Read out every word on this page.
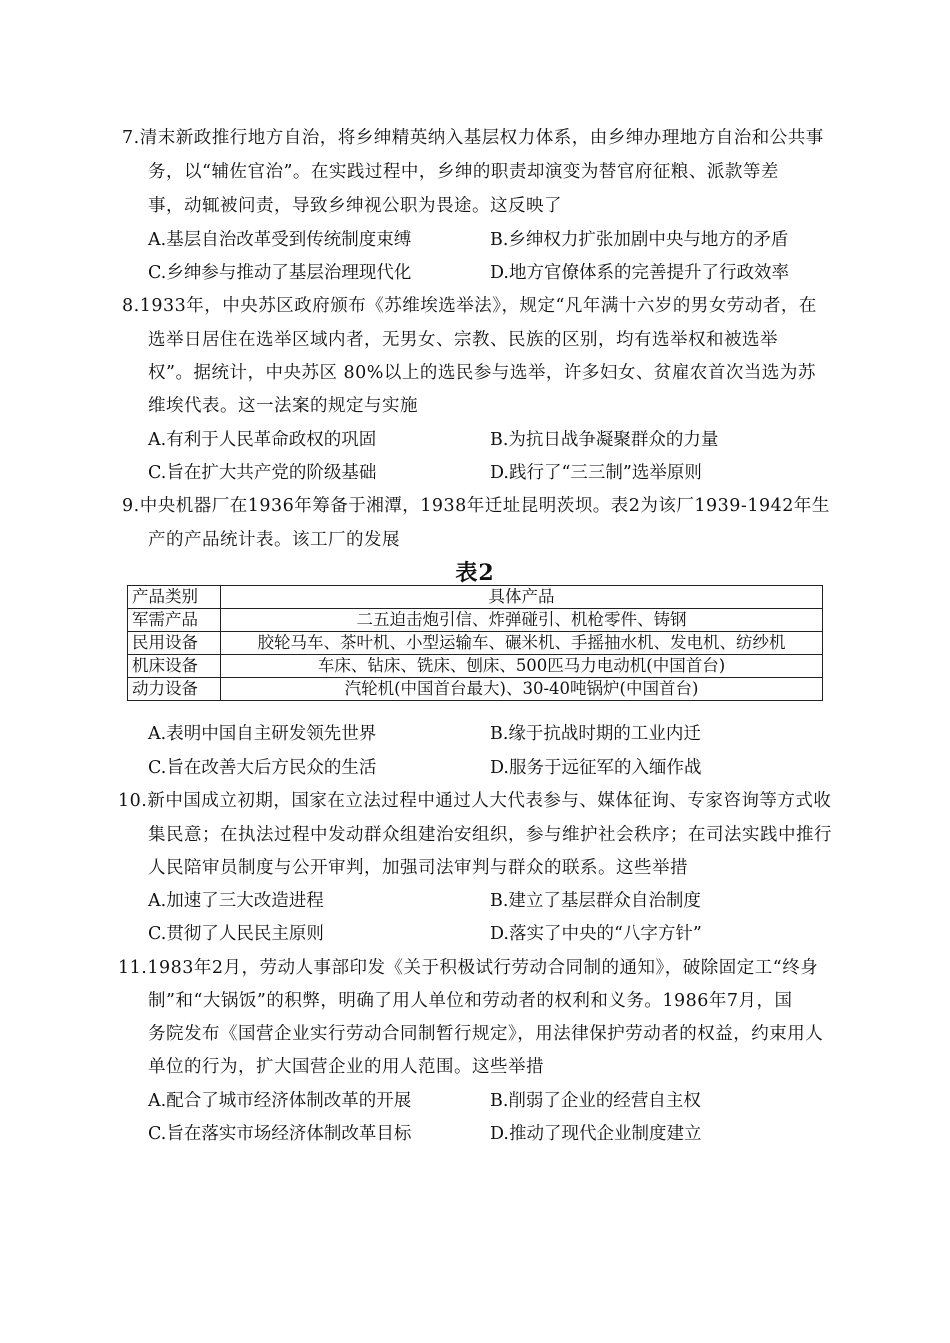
7.清末新政推行地方自治，将乡绅精英纳入基层权力体系，由乡绅办理地方自治和公共事
务，以“辅佐官治”。在实践过程中，乡绅的职责却演变为替官府征粮、派款等差
事，动辄被问责，导致乡绅视公职为畏途。这反映了
A.基层自治改革受到传统制度束缚	B.乡绅权力扩张加剧中央与地方的矛盾
C.乡绅参与推动了基层治理现代化	D.地方官僚体系的完善提升了行政效率
8.1933年，中央苏区政府颁布《苏维埃选举法》，规定“凡年满十六岁的男女劳动者，在
选举日居住在选举区域内者，无男女、宗教、民族的区别，均有选举权和被选举
权”。据统计，中央苏区 80%以上的选民参与选举，许多妇女、贫雇农首次当选为苏
维埃代表。这一法案的规定与实施
A.有利于人民革命政权的巩固	B.为抗日战争凝聚群众的力量
C.旨在扩大共产党的阶级基础	D.践行了“三三制”选举原则
9.中央机器厂在1936年筹备于湘潭，1938年迁址昆明茨坝。表2为该厂1939-1942年生
产的产品统计表。该工厂的发展
表2
产品类别	具体产品
军需产品	二五迫击炮引信、炸弹碰引、机枪零件、铸钢
民用设备	胶轮马车、茶叶机、小型运输车、碾米机、手摇抽水机、发电机、纺纱机
机床设备	车床、钻床、铣床、刨床、500匹马力电动机(中国首台)
动力设备	汽轮机(中国首台最大)、30-40吨锅炉(中国首台)
A.表明中国自主研发领先世界	B.缘于抗战时期的工业内迁
C.旨在改善大后方民众的生活	D.服务于远征军的入缅作战
10.新中国成立初期，国家在立法过程中通过人大代表参与、媒体征询、专家咨询等方式收
集民意；在执法过程中发动群众组建治安组织，参与维护社会秩序；在司法实践中推行
人民陪审员制度与公开审判，加强司法审判与群众的联系。这些举措
A.加速了三大改造进程	B.建立了基层群众自治制度
C.贯彻了人民民主原则	D.落实了中央的“八字方针”
11.1983年2月，劳动人事部印发《关于积极试行劳动合同制的通知》，破除固定工“终身
制”和“大锅饭”的积弊，明确了用人单位和劳动者的权利和义务。1986年7月，国
务院发布《国营企业实行劳动合同制暂行规定》，用法律保护劳动者的权益，约束用人
单位的行为，扩大国营企业的用人范围。这些举措
A.配合了城市经济体制改革的开展	B.削弱了企业的经营自主权
C.旨在落实市场经济体制改革目标	D.推动了现代企业制度建立
